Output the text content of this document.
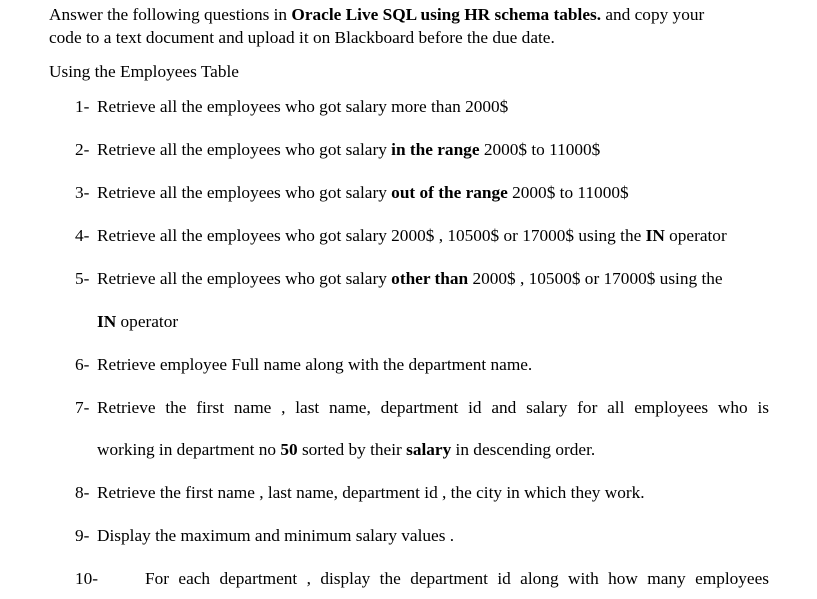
Answer the following questions in Oracle Live SQL using HR schema tables. and copy your
code to a text document and upload it on Blackboard before the due date.
Using the Employees Table
1- Retrieve all the employees who got salary more than 2000$
2- Retrieve all the employees who got salary in the range 2000$ to 11000$
3- Retrieve all the employees who got salary out of the range 2000$ to 11000$
4- Retrieve all the employees who got salary 2000$ , 10500$ or 17000$ using the IN operator
5- Retrieve all the employees who got salary other than 2000$ , 10500$ or 17000$ using the
IN operator
6- Retrieve employee Full name along with the department name.
7- Retrieve the first name , last name, department id and salary for all employees who is
working in department no 50 sorted by their salary in descending order.
8- Retrieve the first name , last name, department id , the city in which they work.
9- Display the maximum and minimum salary values .
10-	For each department , display the department id along with how many employees
